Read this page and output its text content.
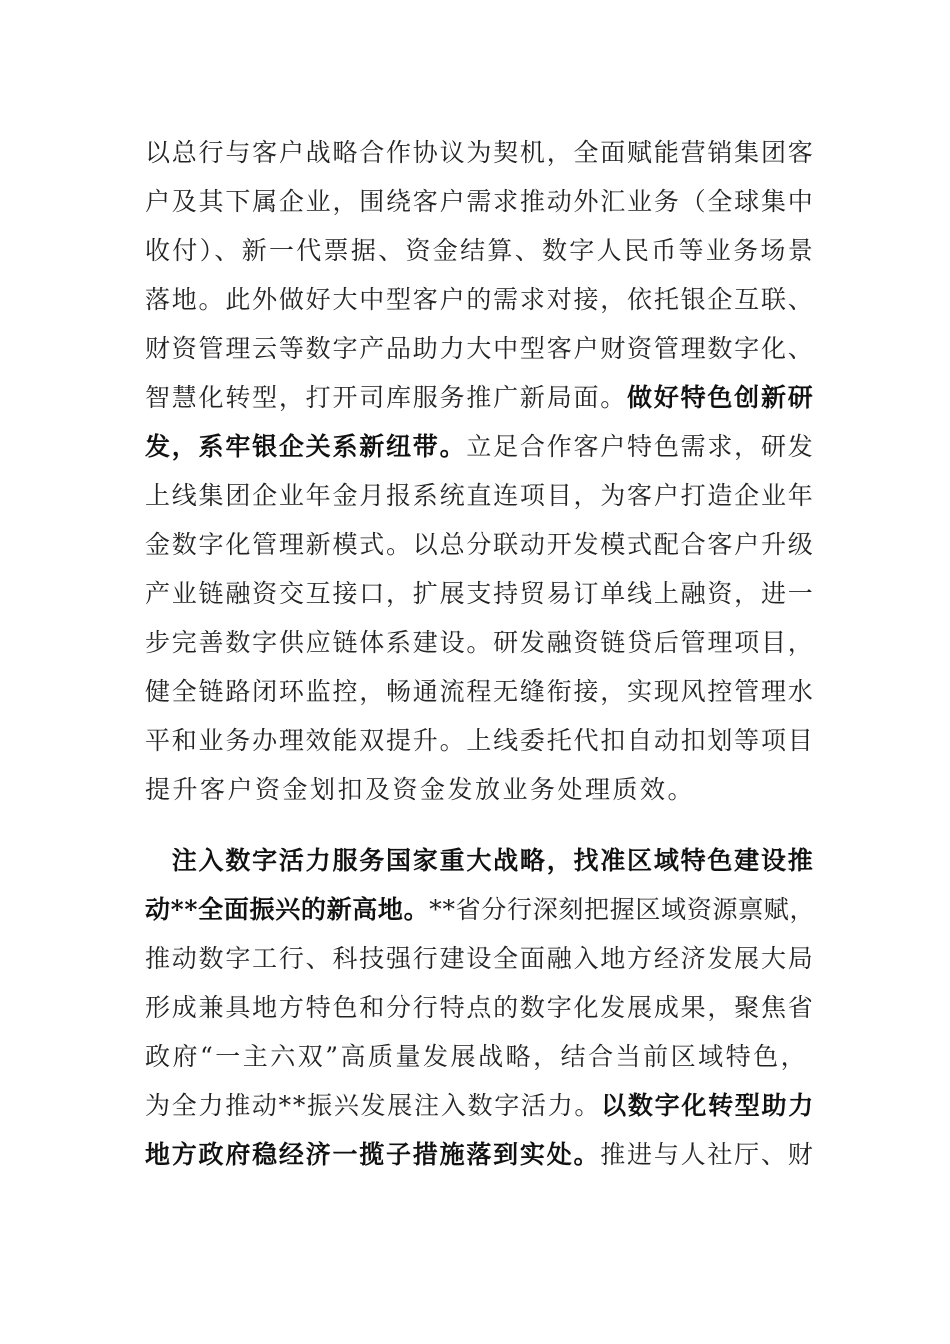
以总行与客户战略合作协议为契机，全面赋能营销集团客
户及其下属企业，围绕客户需求推动外汇业务（全球集中
收付）、新一代票据、资金结算、数字人民币等业务场景
落地。此外做好大中型客户的需求对接，依托银企互联、
财资管理云等数字产品助力大中型客户财资管理数字化、
智慧化转型，打开司库服务推广新局面。做好特色创新研
发，系牢银企关系新纽带。立足合作客户特色需求，研发
上线集团企业年金月报系统直连项目，为客户打造企业年
金数字化管理新模式。以总分联动开发模式配合客户升级
产业链融资交互接口，扩展支持贸易订单线上融资，进一
步完善数字供应链体系建设。研发融资链贷后管理项目，
健全链路闭环监控，畅通流程无缝衔接，实现风控管理水
平和业务办理效能双提升。上线委托代扣自动扣划等项目
提升客户资金划扣及资金发放业务处理质效。
　注入数字活力服务国家重大战略，找准区域特色建设推
动**全面振兴的新高地。**省分行深刻把握区域资源禀赋，
推动数字工行、科技强行建设全面融入地方经济发展大局
形成兼具地方特色和分行特点的数字化发展成果，聚焦省
政府“一主六双”高质量发展战略，结合当前区域特色，
为全力推动**振兴发展注入数字活力。以数字化转型助力
地方政府稳经济一揽子措施落到实处。推进与人社厅、财
